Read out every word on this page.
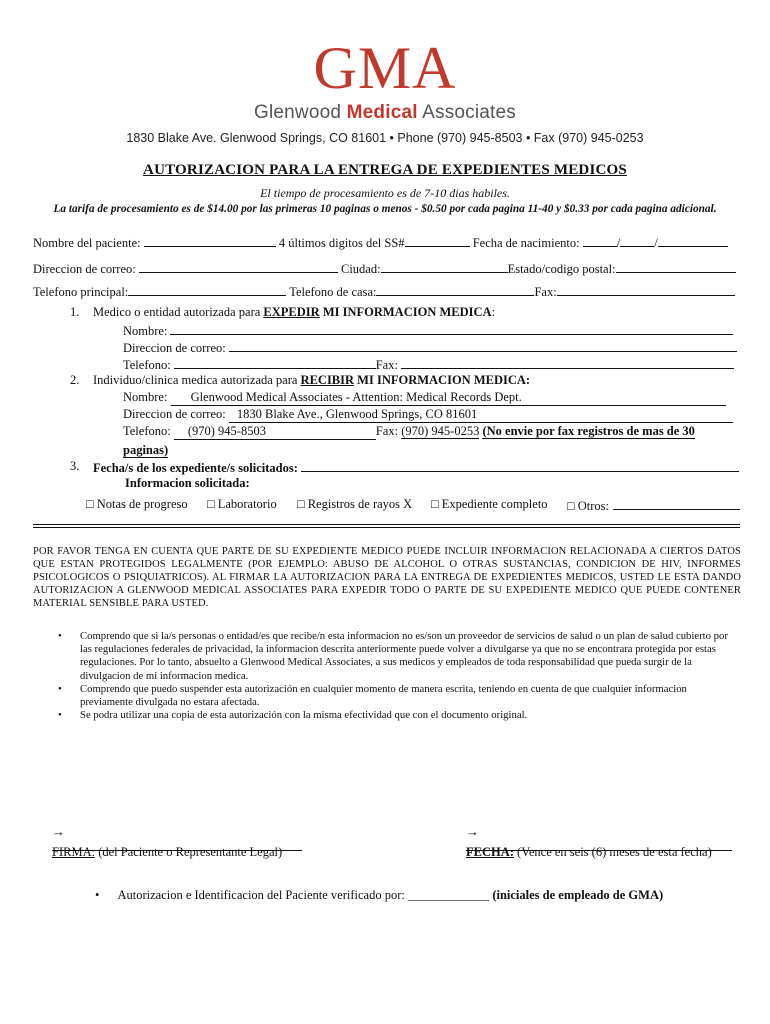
GMA
Glenwood Medical Associates
1830 Blake Ave. Glenwood Springs, CO 81601 • Phone (970) 945-8503 • Fax (970) 945-0253
AUTORIZACION PARA LA ENTREGA DE EXPEDIENTES MEDICOS
El tiempo de procesamiento es de 7-10 dias habiles.
La tarifa de procesamiento es de $14.00 por las primeras 10 paginas o menos - $0.50 por cada pagina 11-40 y $0.33 por cada pagina adicional.
Nombre del paciente:	4 últimos digitos del SS#	Fecha de nacimiento:	/	/
Direccion de correo:	Ciudad:	Estado/codigo postal:
Telefono principal:	Telefono de casa:	Fax:
1. Medico o entidad autorizada para EXPEDIR MI INFORMACION MEDICA:
Nombre:
Direccion de correo:
Telefono:	Fax:
2. Individuo/clinica medica autorizada para RECIBIR MI INFORMACION MEDICA:
Nombre: Glenwood Medical Associates - Attention: Medical Records Dept.
Direccion de correo: 1830 Blake Ave., Glenwood Springs, CO 81601
Telefono: (970) 945-8503	Fax: (970) 945-0253 (No envie por fax registros de mas de 30
paginas)
3. Fecha/s de los expediente/s solicitados:
Informacion solicitada:
□ Notas de progreso □ Laboratorio □ Registros de rayos X □ Expediente completo □ Otros:
POR FAVOR TENGA EN CUENTA QUE PARTE DE SU EXPEDIENTE MEDICO PUEDE INCLUIR INFORMACION RELACIONADA A CIERTOS DATOS QUE ESTAN PROTEGIDOS LEGALMENTE (POR EJEMPLO: ABUSO DE ALCOHOL O OTRAS SUSTANCIAS, CONDICION DE HIV, INFORMES PSICOLOGICOS O PSIQUIATRICOS). AL FIRMAR LA AUTORIZACION PARA LA ENTREGA DE EXPEDIENTES MEDICOS, USTED LE ESTA DANDO AUTORIZACION A GLENWOOD MEDICAL ASSOCIATES PARA EXPEDIR TODO O PARTE DE SU EXPEDIENTE MEDICO QUE PUEDE CONTENER MATERIAL SENSIBLE PARA USTED.
• Comprendo que si la/s personas o entidad/es que recibe/n esta informacion no es/son un proveedor de servicios de salud o un plan de salud cubierto por las regulaciones federales de privacidad, la informacion descrita anteriormente puede volver a divulgarse ya que no se encontrara protegida por estas regulaciones. Por lo tanto, absuelto a Glenwood Medical Associates, a sus medicos y empleados de toda responsabilidad que pueda surgir de la divulgacion de mi informacion medica.
• Comprendo que puedo suspender esta autorización en cualquier momento de manera escrita, teniendo en cuenta de que cualquier informacion previamente divulgada no estara afectada.
• Se podra utilizar una copia de esta autorización con la misma efectividad que con el documento original.
→
FIRMA: (del Paciente o Representante Legal)
→
FECHA: (Vence en seis (6) meses de esta fecha)
• Autorizacion e Identificacion del Paciente verificado por: _____________ (iniciales de empleado de GMA)
